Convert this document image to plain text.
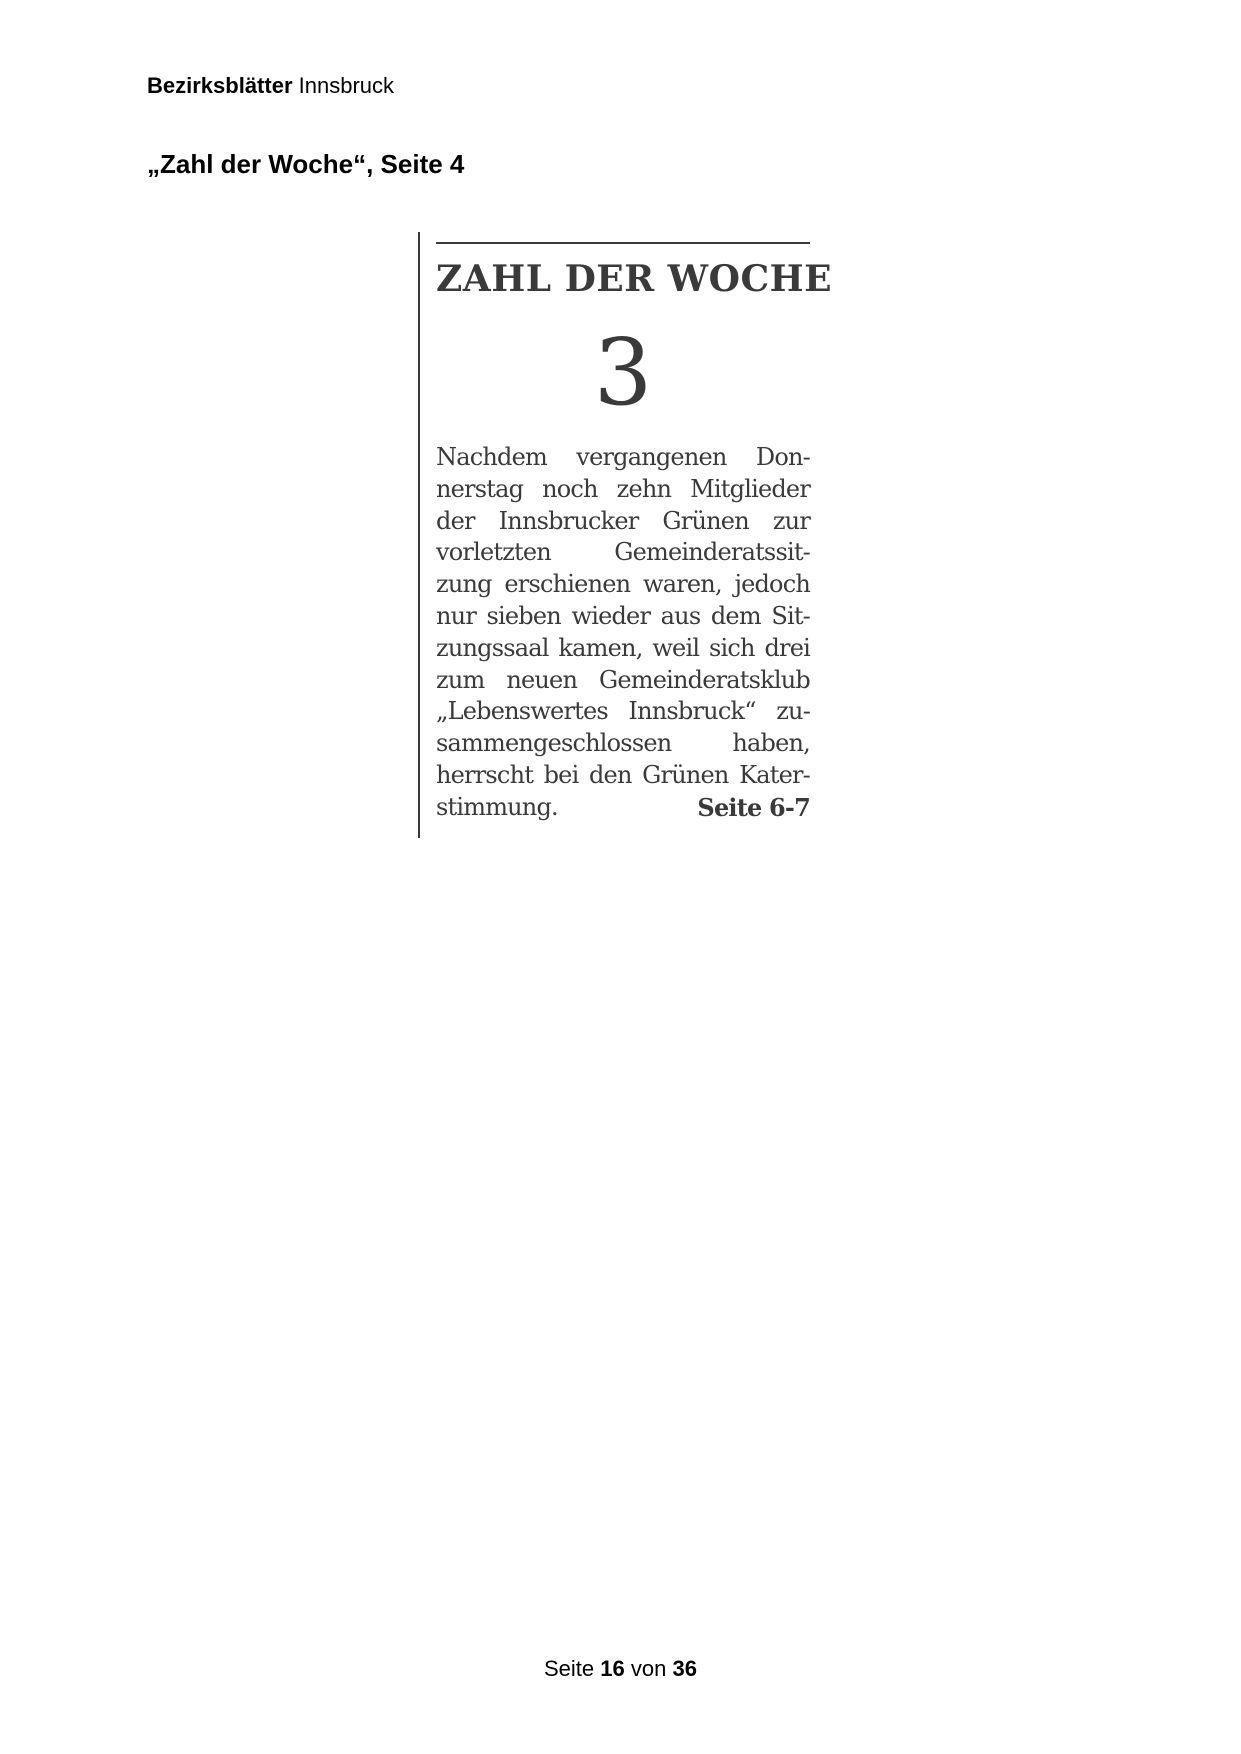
Bezirksblätter Innsbruck
„Zahl der Woche“, Seite 4
ZAHL DER WOCHE
3
Nachdem vergangenen Don-
nerstag noch zehn Mitglieder
der Innsbrucker Grünen zur
vorletzten Gemeinderatssit-
zung erschienen waren, jedoch
nur sieben wieder aus dem Sit-
zungssaal kamen, weil sich drei
zum neuen Gemeinderatsklub
„Lebenswertes Innsbruck“ zu-
sammengeschlossen haben,
herrscht bei den Grünen Kater-
stimmung.	Seite 6-7
Seite 16 von 36
